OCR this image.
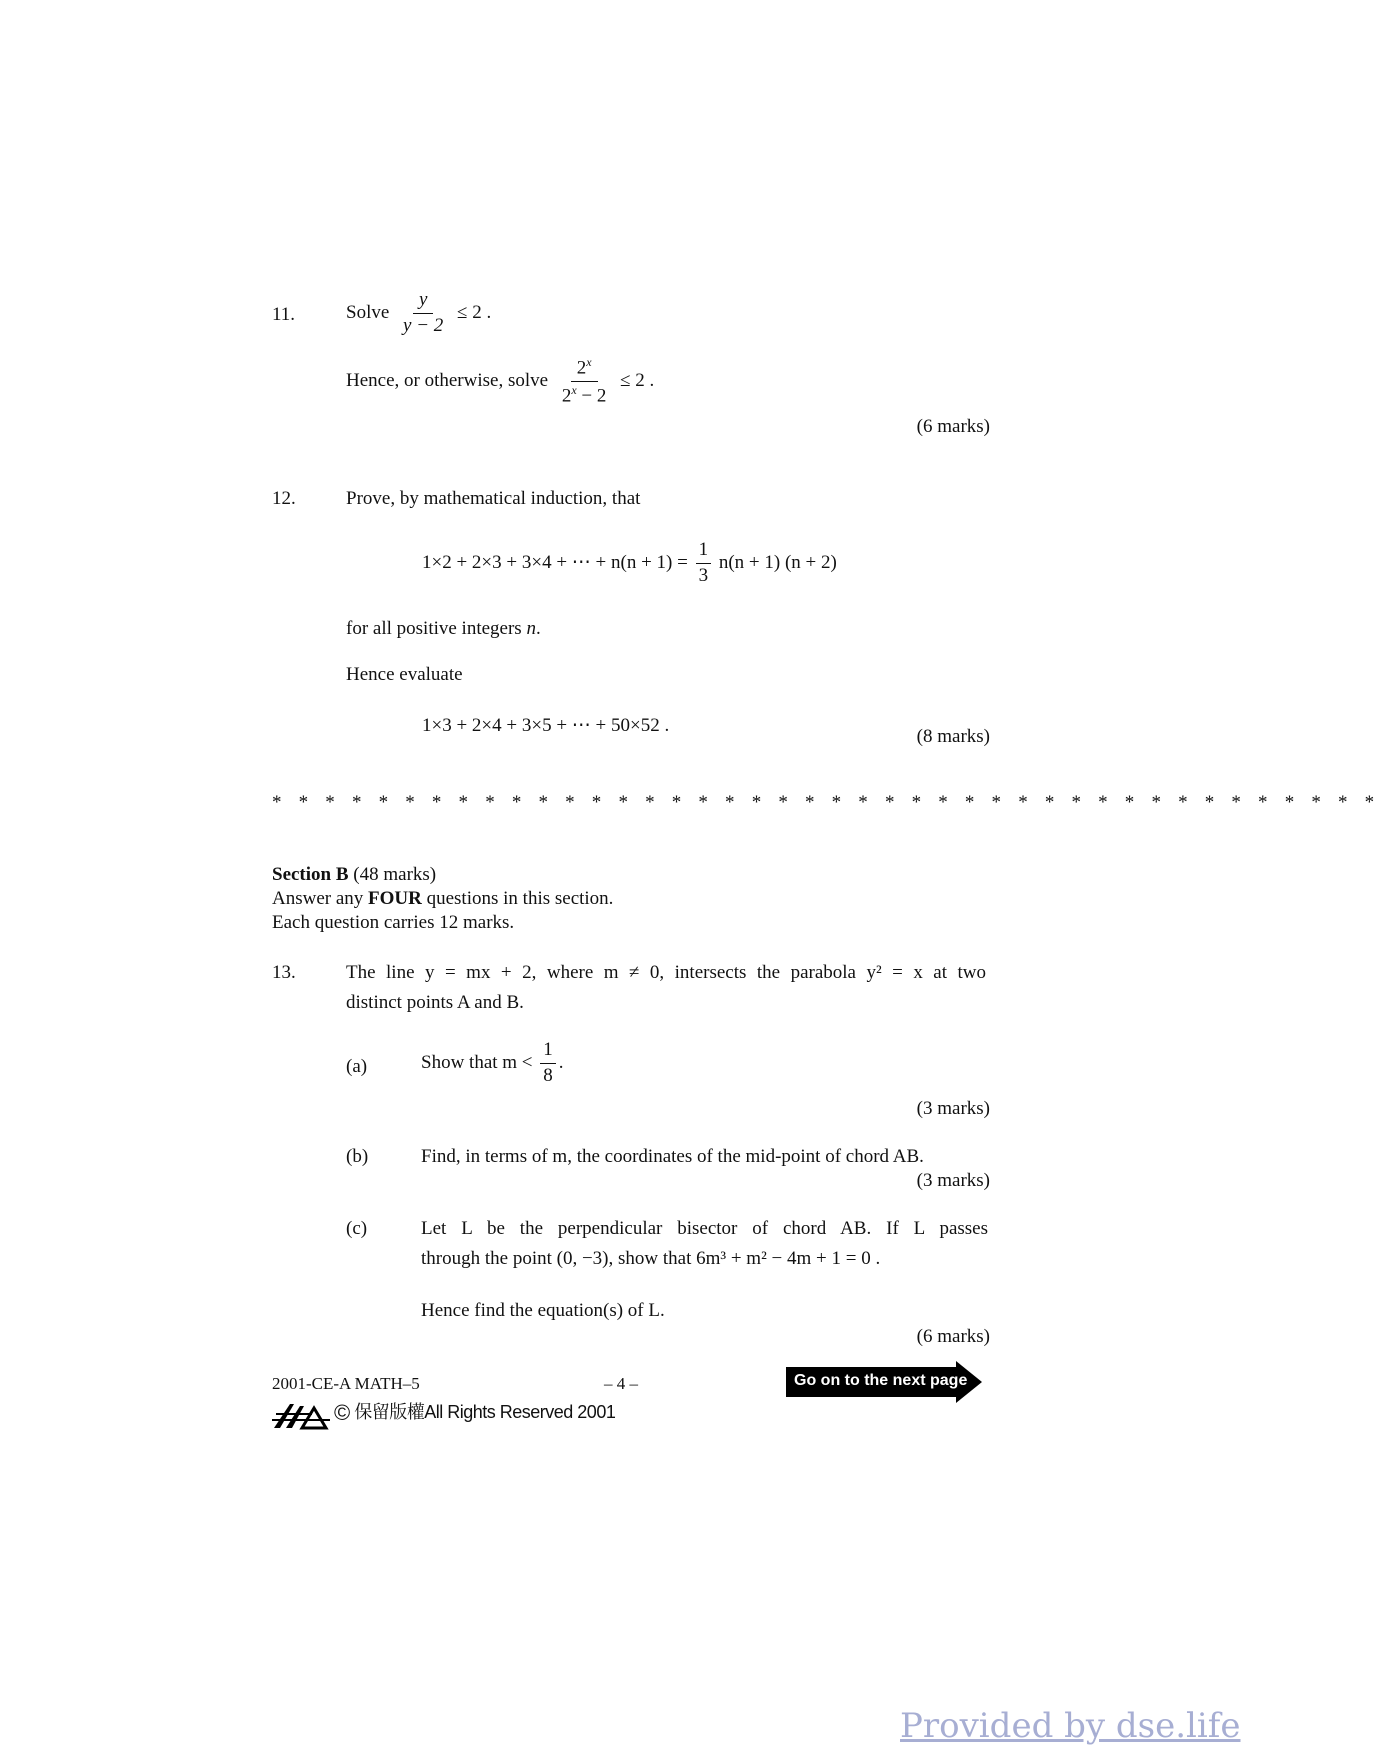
11.	Solve $\frac{y}{y - 2} \le 2$ .
Hence, or otherwise, solve $\frac{2^x}{2^x - 2} \le 2$ .
(6 marks)
12.	Prove, by mathematical induction, that
1×2 + 2×3 + 3×4 + ⋯ + $n(n + 1) = \frac{1}{3} n(n + 1) (n + 2)$
for all positive integers n.
Hence evaluate
1×3 + 2×4 + 3×5 + ⋯ + 50×52 .
(8 marks)
* * * * * * * * * * * * * * * * * * * * * * * * * * * * * * * * * * * * * * * * * *
Section B (48 marks)
Answer any FOUR questions in this section.
Each question carries 12 marks.
13.	The line y = mx + 2, where m ≠ 0, intersects the parabola y² = x at two
distinct points A and B.
(a)	Show that $m < \frac{1}{8}$ .
(3 marks)
(b)	Find, in terms of m, the coordinates of the mid-point of chord AB.
(3 marks)
(c)	Let L be the perpendicular bisector of chord AB. If L passes
through the point (0, −3), show that 6m³ + m² − 4m + 1 = 0 .
Hence find the equation(s) of L.
(6 marks)
2001-CE-A MATH–5	– 4 –	Go on to the next page
© 保留版權All Rights Reserved 2001
Provided by dse.life
